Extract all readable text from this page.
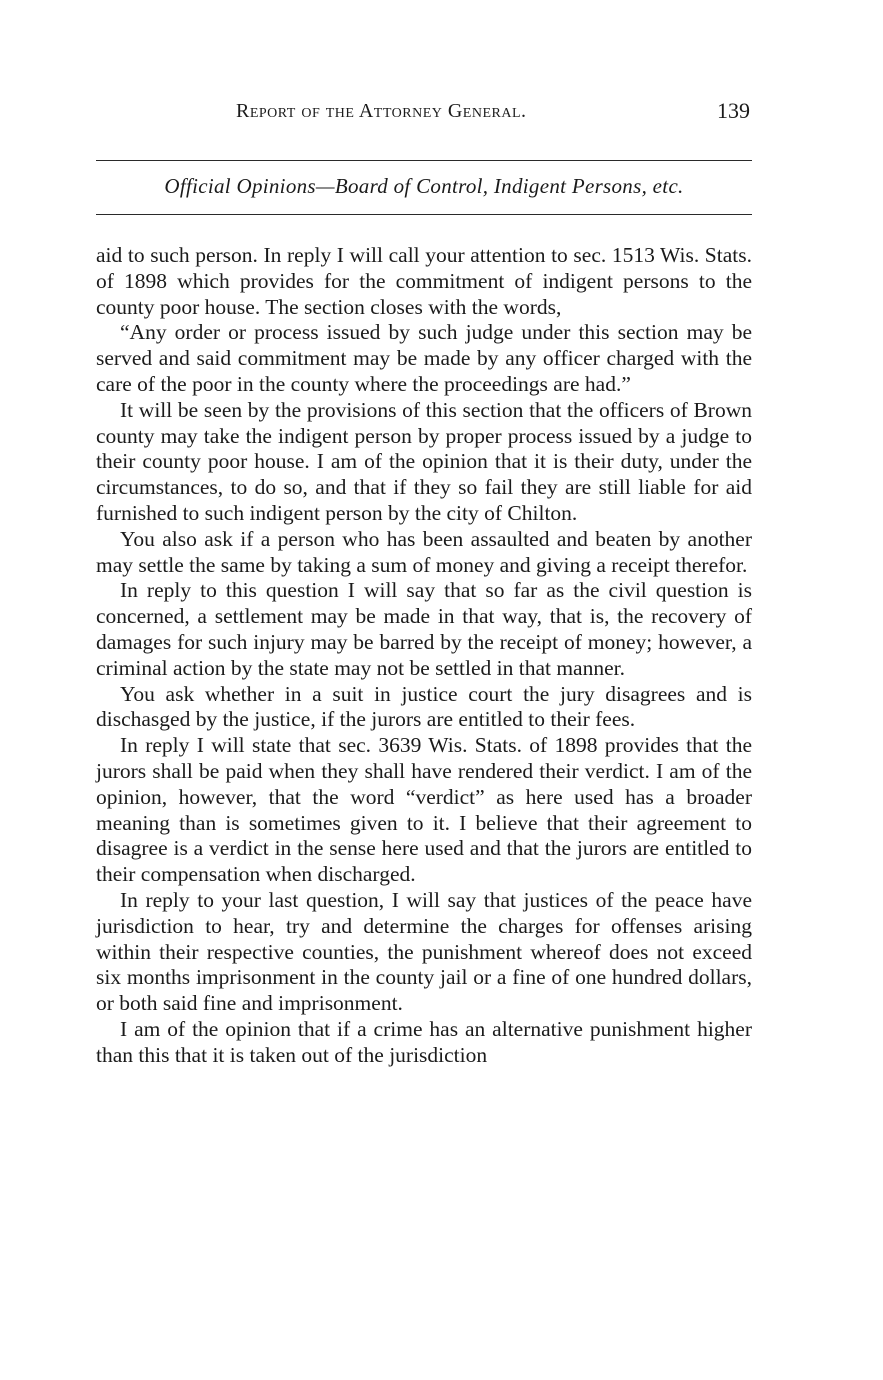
Report of the Attorney General.	139
Official Opinions—Board of Control, Indigent Persons, etc.

aid to such person. In reply I will call your attention to sec. 1513 Wis. Stats. of 1898 which provides for the commitment of indigent persons to the county poor house. The section closes with the words,

“Any order or process issued by such judge under this section may be served and said commitment may be made by any officer charged with the care of the poor in the county where the proceedings are had.”

It will be seen by the provisions of this section that the officers of Brown county may take the indigent person by proper process issued by a judge to their county poor house. I am of the opinion that it is their duty, under the circumstances, to do so, and that if they so fail they are still liable for aid furnished to such indigent person by the city of Chilton.

You also ask if a person who has been assaulted and beaten by another may settle the same by taking a sum of money and giving a receipt therefor.

In reply to this question I will say that so far as the civil question is concerned, a settlement may be made in that way, that is, the recovery of damages for such injury may be barred by the receipt of money; however, a criminal action by the state may not be settled in that manner.

You ask whether in a suit in justice court the jury disagrees and is dischasged by the justice, if the jurors are entitled to their fees.

In reply I will state that sec. 3639 Wis. Stats. of 1898 provides that the jurors shall be paid when they shall have rendered their verdict. I am of the opinion, however, that the word “verdict” as here used has a broader meaning than is sometimes given to it. I believe that their agreement to disagree is a verdict in the sense here used and that the jurors are entitled to their compensation when discharged.

In reply to your last question, I will say that justices of the peace have jurisdiction to hear, try and determine the charges for offenses arising within their respective counties, the punishment whereof does not exceed six months imprisonment in the county jail or a fine of one hundred dollars, or both said fine and imprisonment.

I am of the opinion that if a crime has an alternative punishment higher than this that it is taken out of the jurisdiction
